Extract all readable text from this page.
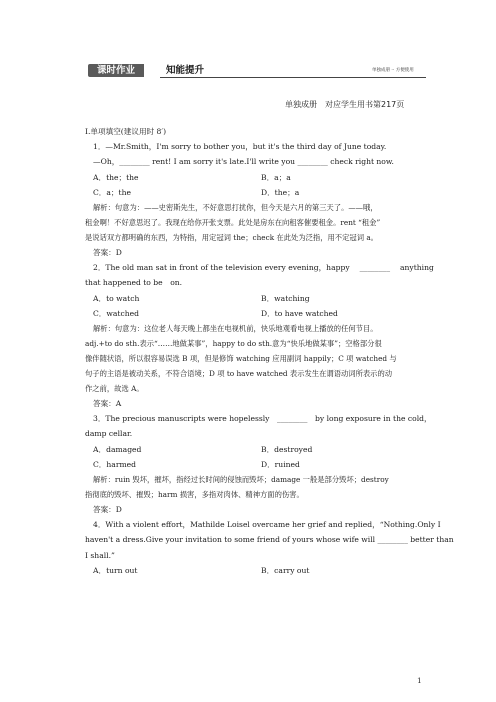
课时作业	知能提升	单独成册 ·· 方便使用
单独成册　对应学生用书第217页
Ⅰ.单项填空(建议用时 8′)
1．—Mr.Smith，I'm sorry to bother you，but it's the third day of June today.
—Oh，________ rent! I am sorry it's late.I'll write you ________ check right now.
A．the；the	B．a；a
C．a；the	D．the；a
解析：句意为：——史密斯先生，不好意思打扰你，但今天是六月的第三天了。——哦，
租金啊！不好意思迟了。我现在给你开张支票。此处是房东在向租客催要租金。rent “租金”
是说话双方都明确的东西，为特指，用定冠词 the；check 在此处为泛指，用不定冠词 a。
答案：D
2．The old man sat in front of the television every evening，happy　 ________　 anything
that happened to be　on.
A．to watch	B．watching
C．watched	D．to have watched
解析：句意为：这位老人每天晚上都坐在电视机前，快乐地观看电视上播放的任何节目。
adj.+to do sth.表示“……地做某事”，happy to do sth.意为“快乐地做某事”；空格部分很
像伴随状语，所以很容易误选 B 项，但是修饰 watching 应用副词 happily；C 项 watched 与
句子的主语是被动关系，不符合语境；D 项 to have watched 表示发生在谓语动词所表示的动
作之前，故选 A。
答案：A
3．The precious manuscripts were hopelessly　________　by long exposure in the cold，
damp cellar.
A．damaged	B．destroyed
C．harmed	D．ruined
解析：ruin 毁坏，摧坏，指经过长时间的侵蚀而毁坏；damage 一般是部分毁坏；destroy
指彻底的毁坏、摧毁；harm 损害，多指对肉体、精神方面的伤害。
答案：D
4．With a violent effort，Mathilde Loisel overcame her grief and replied，“Nothing.Only I
haven't a dress.Give your invitation to some friend of yours whose wife will ________ better than
I shall.”
A．turn out	B．carry out
1
